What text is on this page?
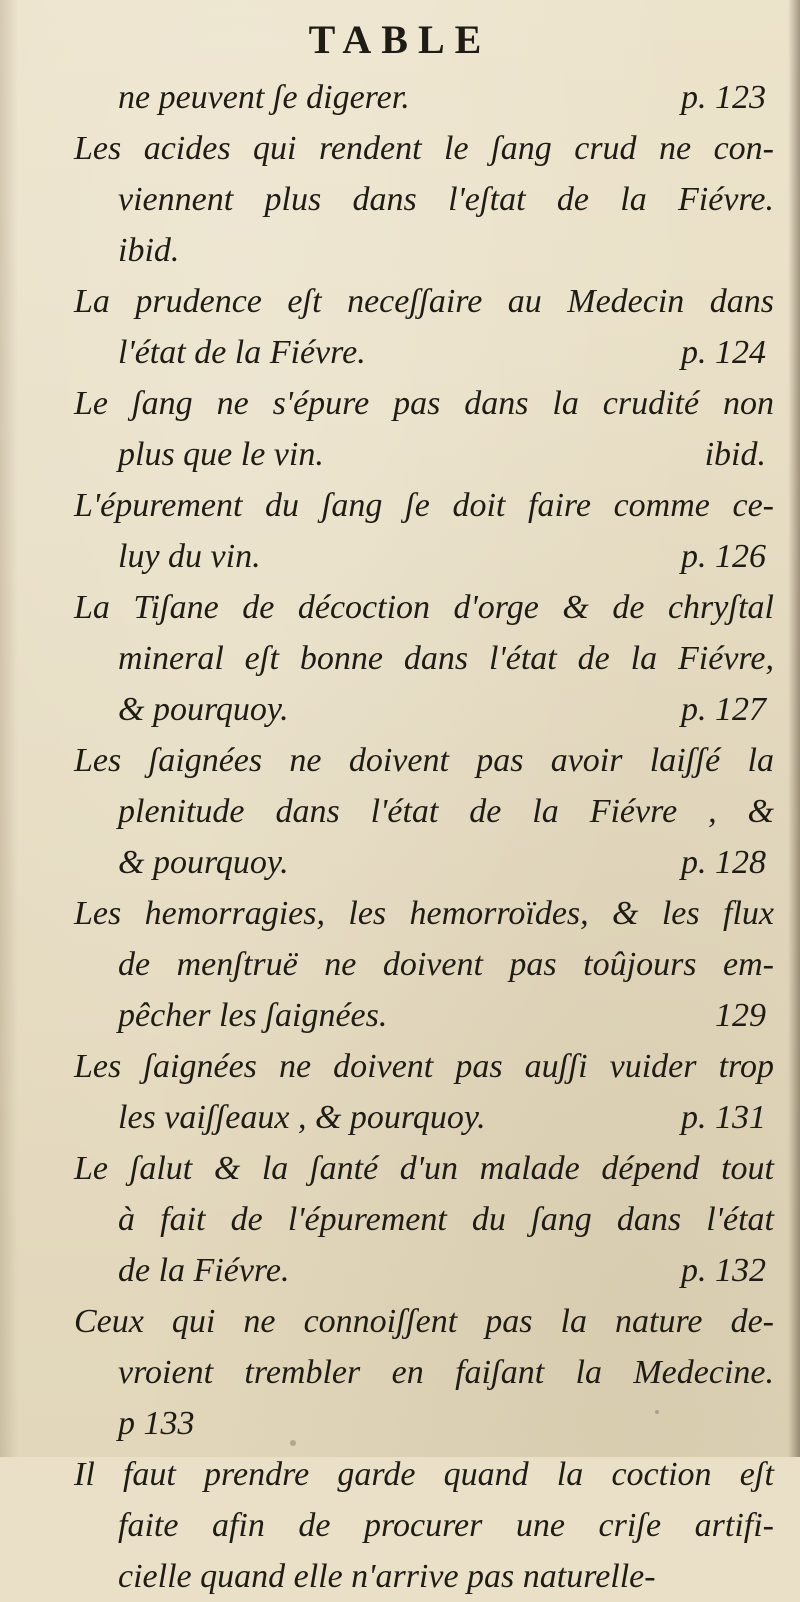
TABLE
ne peuvent ʃe digerer.	p. 123
Les acides qui rendent le ʃang crud ne con-
viennent plus dans l'eʃtat de la Fiévre.
ibid.
La prudence eʃt neceʃʃaire au Medecin dans
l'état de la Fiévre.	p. 124
Le ʃang ne s'épure pas dans la crudité non
plus que le vin.	ibid.
L'épurement du ʃang ʃe doit faire comme ce-
luy du vin.	p. 126
La Tiʃane de décoction d'orge & de chryʃtal
mineral eʃt bonne dans l'état de la Fiévre,
& pourquoy.	p. 127
Les ʃaignées ne doivent pas avoir laiʃʃé la
plenitude dans l'état de la Fiévre , &
& pourquoy.	p. 128
Les hemorragies, les hemorroïdes, & les flux
de menʃtruë ne doivent pas toûjours em-
pêcher les ʃaignées.	129
Les ʃaignées ne doivent pas auʃʃi vuider trop
les vaiʃʃeaux , & pourquoy.	p. 131
Le ʃalut & la ʃanté d'un malade dépend tout
à fait de l'épurement du ʃang dans l'état
de la Fiévre.	p. 132
Ceux qui ne connoiʃʃent pas la nature de-
vroient trembler en faiʃant la Medecine.
p 133
Il faut prendre garde quand la coction eʃt
faite afin de procurer une criʃe artifi-
cielle quand elle n'arrive pas naturelle-
